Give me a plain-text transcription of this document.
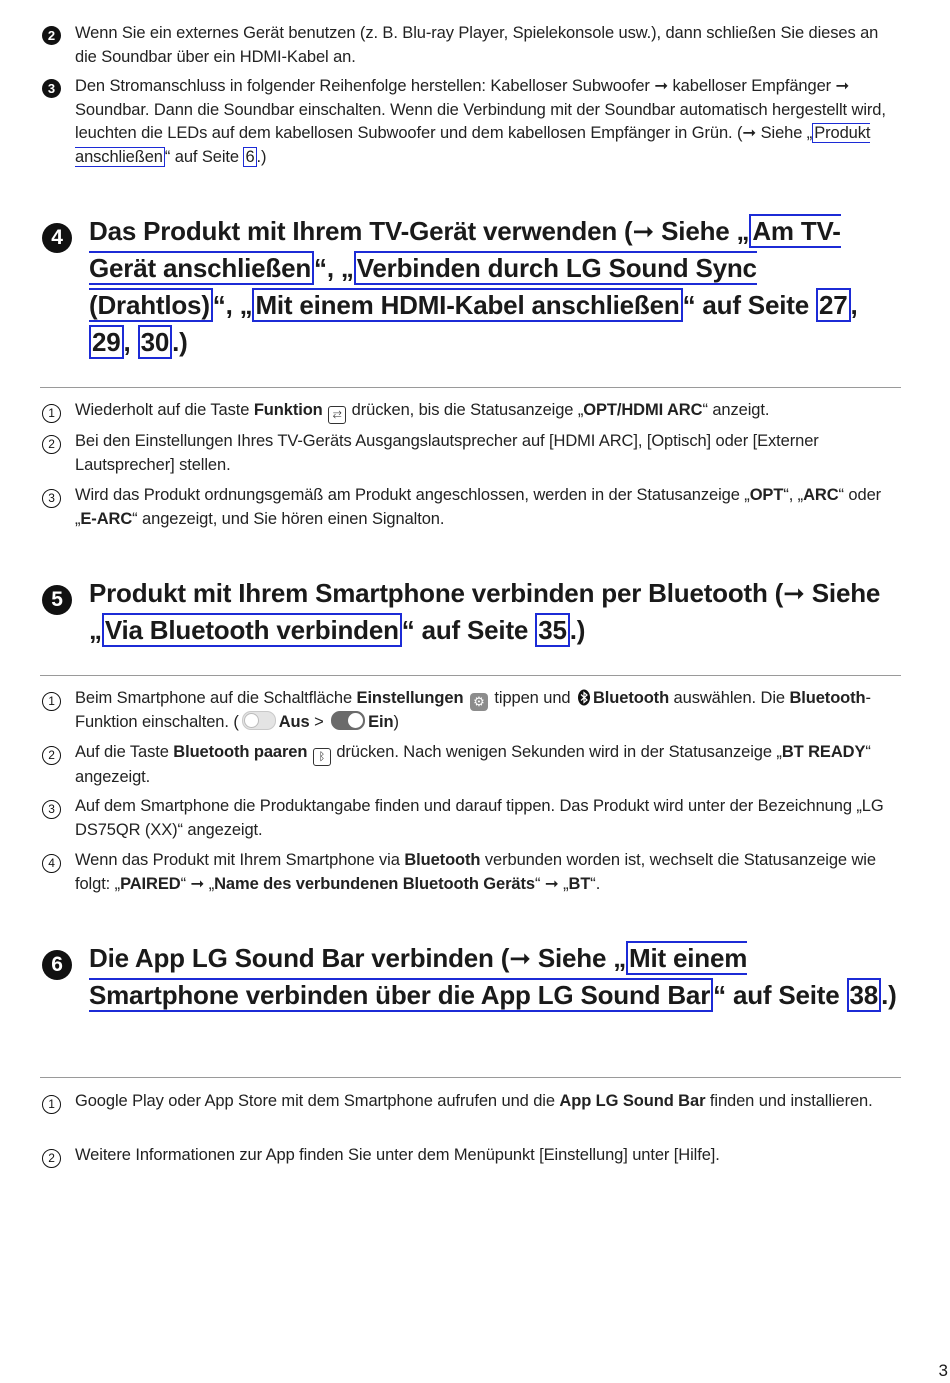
2	Wenn Sie ein externes Gerät benutzen (z. B. Blu-ray Player, Spielekonsole usw.), dann schließen Sie dieses an die Soundbar über ein HDMI-Kabel an.
3	Den Stromanschluss in folgender Reihenfolge herstellen: Kabelloser Subwoofer ➞ kabelloser Empfänger ➞ Soundbar. Dann die Soundbar einschalten. Wenn die Verbindung mit der Soundbar automatisch hergestellt wird, leuchten die LEDs auf dem kabellosen Subwoofer und dem kabellosen Empfänger in Grün. (➞ Siehe „ Produkt anschließen “ auf Seite 6 .)
4	Das Produkt mit Ihrem TV-Gerät verwenden (➞ Siehe „ Am TV-Gerät anschließen “, „ Verbinden durch LG Sound Sync (Drahtlos) “, „ Mit einem HDMI-Kabel anschließen “ auf Seite 27 , 29 , 30 .)
1	Wiederholt auf die Taste Funktion ⇆ drücken, bis die Statusanzeige „OPT/HDMI ARC“ anzeigt.
2	Bei den Einstellungen Ihres TV-Geräts Ausgangslautsprecher auf [HDMI ARC], [Optisch] oder [Externer Lautsprecher] stellen.
3	Wird das Produkt ordnungsgemäß am Produkt angeschlossen, werden in der Statusanzeige „OPT“, „ARC“ oder „E-ARC“ angezeigt, und Sie hören einen Signalton.
5	Produkt mit Ihrem Smartphone verbinden per Bluetooth (➞ Siehe „ Via Bluetooth verbinden “ auf Seite 35 .)
1	Beim Smartphone auf die Schaltfläche Einstellungen ⚙ tippen und Bluetooth auswählen. Die Bluetooth-Funktion einschalten. ( Aus >
Ein)
2	Auf die Taste Bluetooth paaren ᛒ drücken. Nach wenigen Sekunden wird in der Statusanzeige „BT READY“ angezeigt.
3	Auf dem Smartphone die Produktangabe finden und darauf tippen. Das Produkt wird unter der Bezeichnung „LG DS75QR (XX)“ angezeigt.
4	Wenn das Produkt mit Ihrem Smartphone via Bluetooth verbunden worden ist, wechselt die Statusanzeige wie folgt: „PAIRED“ ➞ „Name des verbundenen Bluetooth Geräts“ ➞ „BT“.
6	Die App LG Sound Bar verbinden (➞ Siehe „ Mit einem Smartphone verbinden über die App LG Sound Bar “ auf Seite 38 .)
1	Google Play oder App Store mit dem Smartphone aufrufen und die App LG Sound Bar finden und installieren.
2	Weitere Informationen zur App finden Sie unter dem Menüpunkt [Einstellung] unter [Hilfe].
3
